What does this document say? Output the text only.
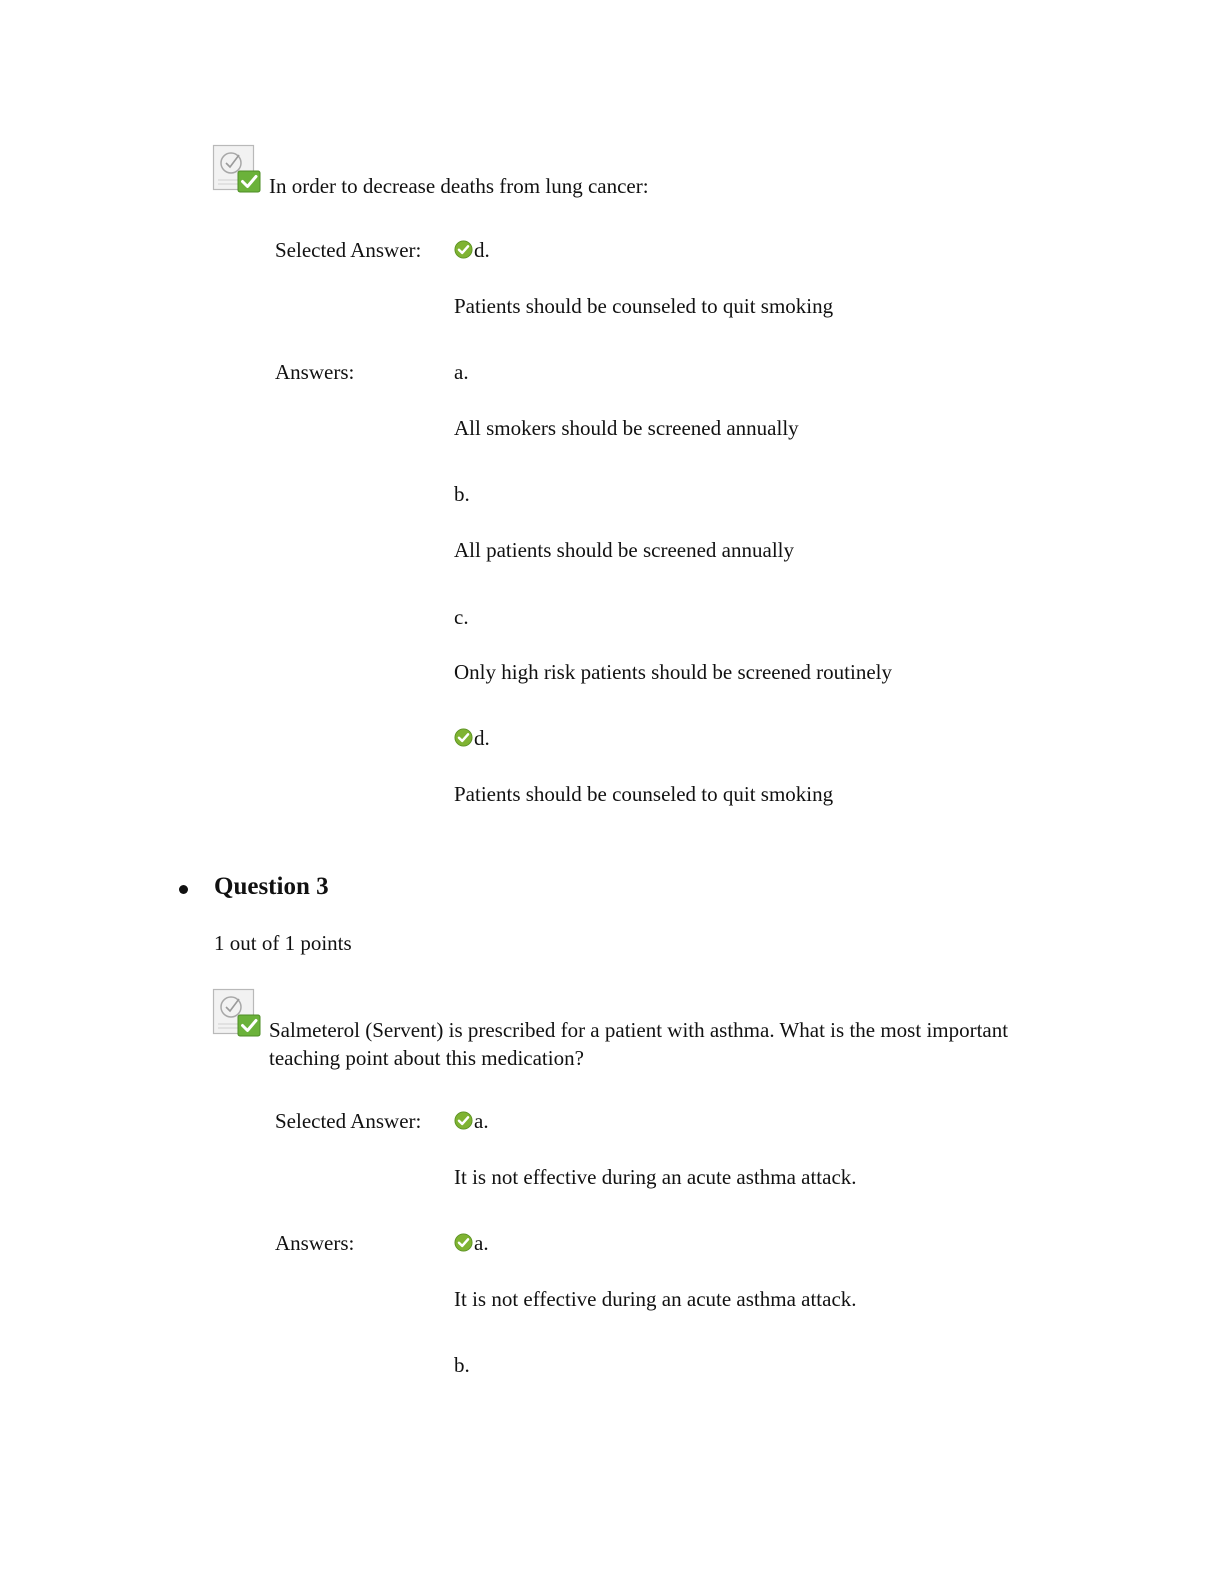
In order to decrease deaths from lung cancer:
Selected Answer:	d.
Patients should be counseled to quit smoking
Answers:	a.
All smokers should be screened annually
b.
All patients should be screened annually
c.
Only high risk patients should be screened routinely
d.
Patients should be counseled to quit smoking
Question 3
1 out of 1 points
Salmeterol (Servent) is prescribed for a patient with asthma. What is the most important
teaching point about this medication?
Selected Answer:	a.
It is not effective during an acute asthma attack.
Answers:	a.
It is not effective during an acute asthma attack.
b.
